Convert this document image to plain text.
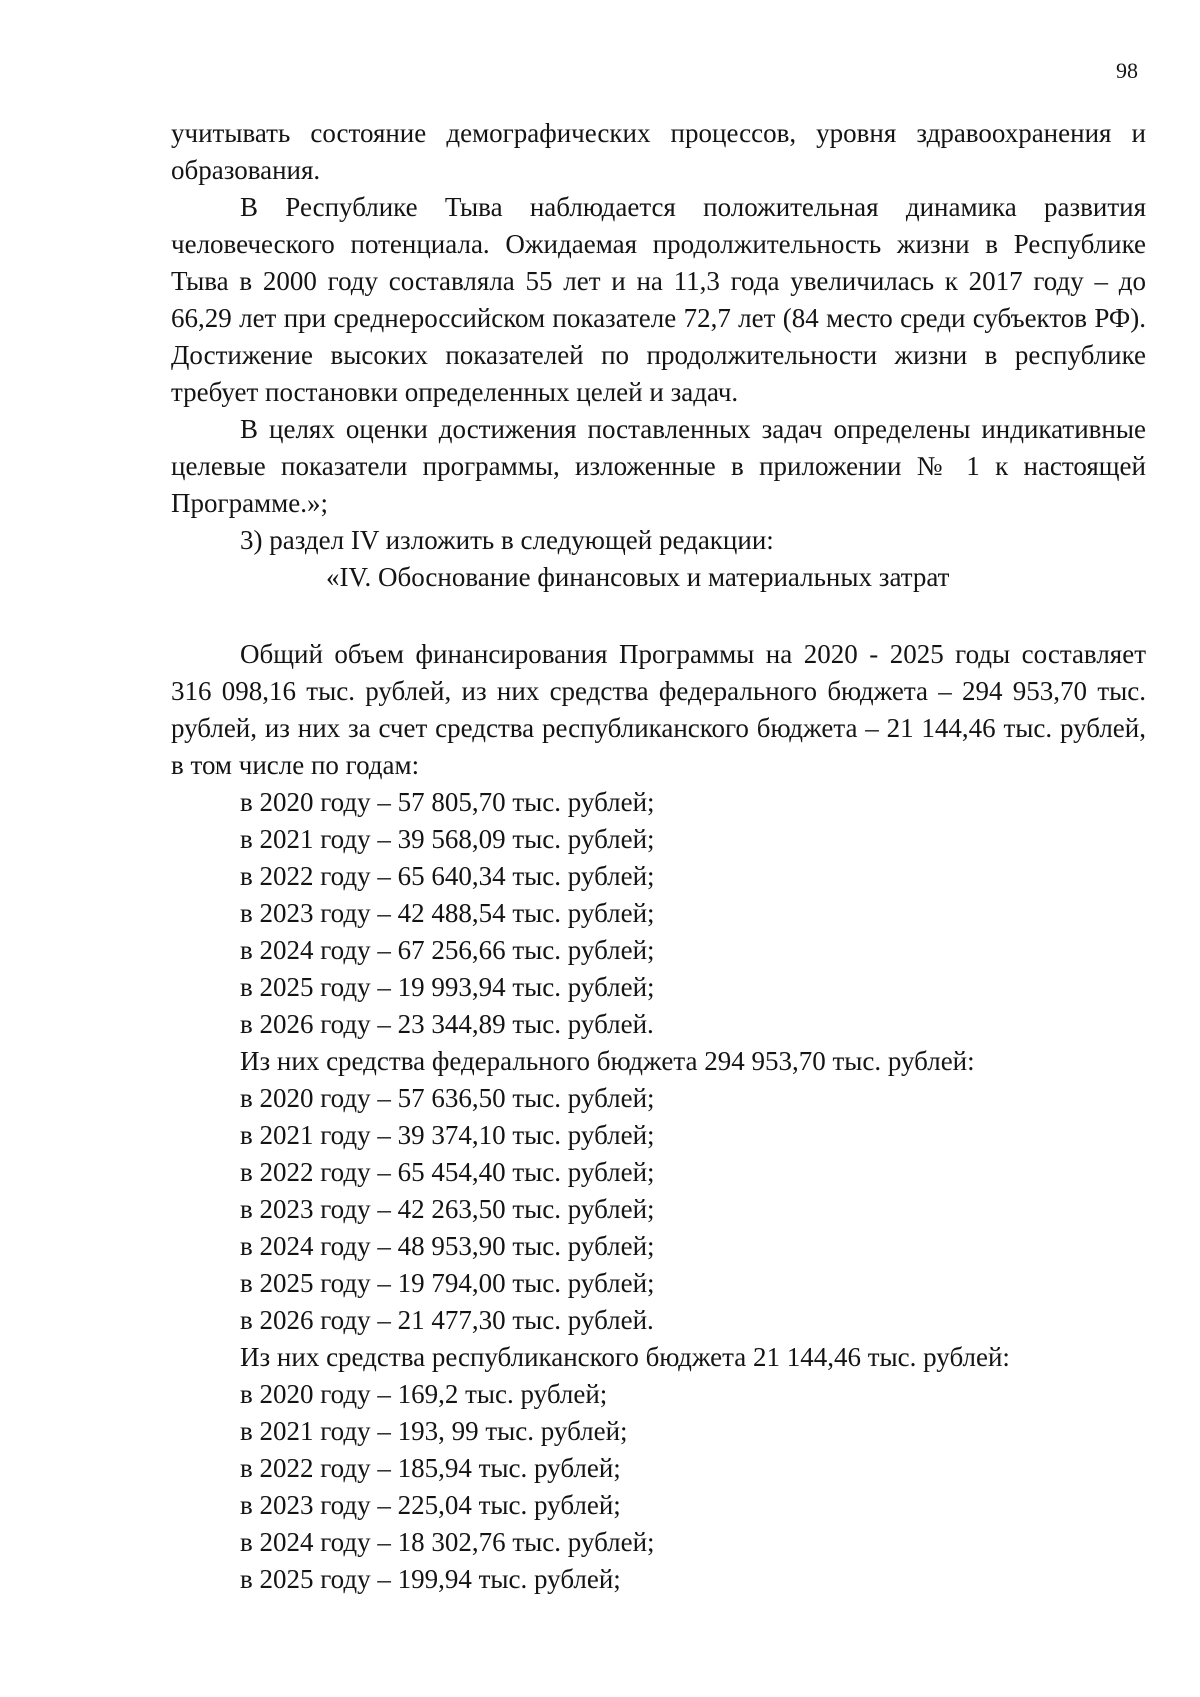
98

учитывать состояние демографических процессов, уровня здравоохранения и образования.

В Республике Тыва наблюдается положительная динамика развития человеческого потенциала. Ожидаемая продолжительность жизни в Республике Тыва в 2000 году составляла 55 лет и на 11,3 года увеличилась к 2017 году – до 66,29 лет при среднероссийском показателе 72,7 лет (84 место среди субъектов РФ). Достижение высоких показателей по продолжительности жизни в республике требует постановки определенных целей и задач.

В целях оценки достижения поставленных задач определены индикативные целевые показатели программы, изложенные в приложении № 1 к настоящей Программе.»;

3) раздел IV изложить в следующей редакции:

«IV. Обоснование финансовых и материальных затрат

Общий объем финансирования Программы на 2020 - 2025 годы составляет 316 098,16 тыс. рублей, из них средства федерального бюджета – 294 953,70 тыс. рублей, из них за счет средства республиканского бюджета – 21 144,46 тыс. рублей, в том числе по годам:

в 2020 году – 57 805,70 тыс. рублей;

в 2021 году – 39 568,09 тыс. рублей;

в 2022 году – 65 640,34 тыс. рублей;

в 2023 году – 42 488,54 тыс. рублей;

в 2024 году – 67 256,66 тыс. рублей;

в 2025 году – 19 993,94 тыс. рублей;

в 2026 году – 23 344,89 тыс. рублей.

Из них средства федерального бюджета 294 953,70 тыс. рублей:

в 2020 году – 57 636,50 тыс. рублей;

в 2021 году – 39 374,10 тыс. рублей;

в 2022 году – 65 454,40 тыс. рублей;

в 2023 году – 42 263,50 тыс. рублей;

в 2024 году – 48 953,90 тыс. рублей;

в 2025 году – 19 794,00 тыс. рублей;

в 2026 году – 21 477,30 тыс. рублей.

Из них средства республиканского бюджета 21 144,46 тыс. рублей:

в 2020 году – 169,2 тыс. рублей;

в 2021 году – 193, 99 тыс. рублей;

в 2022 году – 185,94 тыс. рублей;

в 2023 году – 225,04 тыс. рублей;

в 2024 году – 18 302,76 тыс. рублей;

в 2025 году – 199,94 тыс. рублей;
